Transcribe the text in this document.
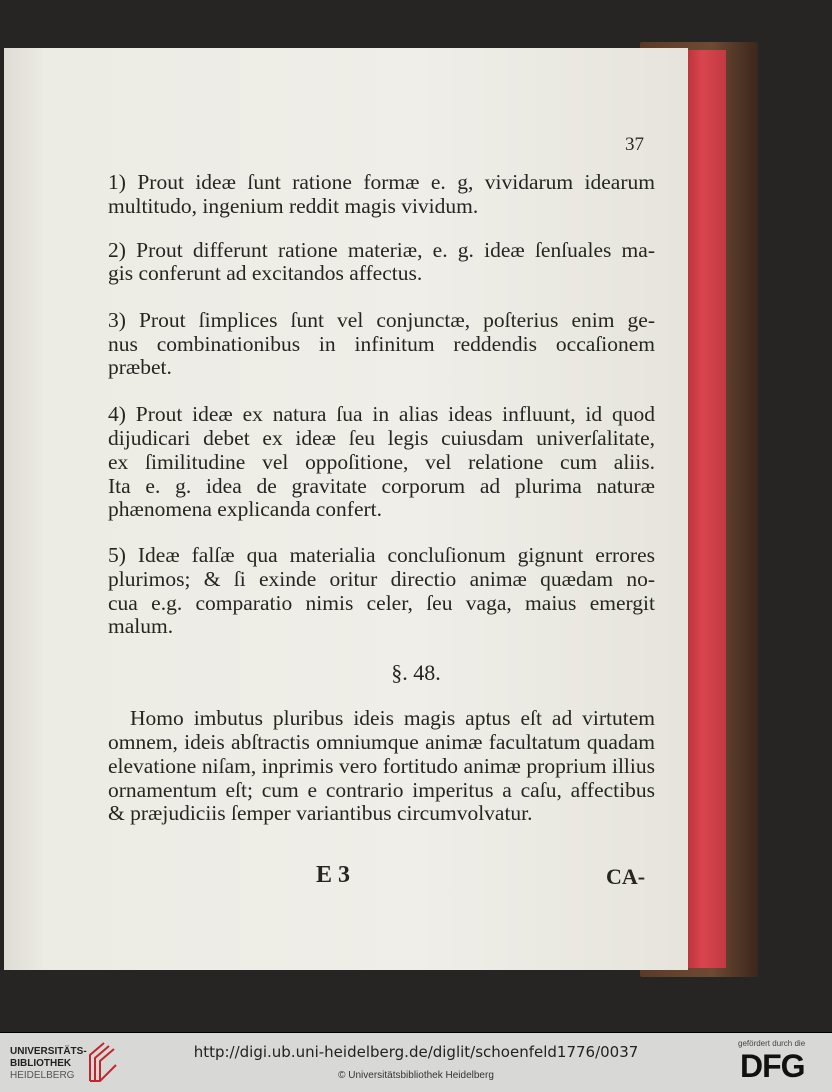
37
1) Prout ideæ ſunt ratione formæ e. g, vividarum idearum
multitudo, ingenium reddit magis vividum.
2) Prout differunt ratione materiæ, e. g. ideæ ſenſuales ma-
gis conferunt ad excitandos affectus.
3) Prout ſimplices ſunt vel conjunctæ, poſterius enim ge-
nus combinationibus in infinitum reddendis occaſionem
præbet.
4) Prout ideæ ex natura ſua in alias ideas influunt, id quod
dijudicari debet ex ideæ ſeu legis cuiusdam univerſalitate,
ex ſimilitudine vel oppoſitione, vel relatione cum aliis.
Ita e. g. idea de gravitate corporum ad plurima naturæ
phænomena explicanda confert.
5) Ideæ falſæ qua materialia concluſionum gignunt errores
plurimos; & ſi exinde oritur directio animæ quædam no-
cua e.g. comparatio nimis celer, ſeu vaga, maius emergit
malum.
§. 48.
Homo imbutus pluribus ideis magis aptus eſt ad virtutem
omnem, ideis abſtractis omniumque animæ facultatum quadam
elevatione niſam, inprimis vero fortitudo animæ proprium illius
ornamentum eſt; cum e contrario imperitus a caſu, affectibus
& præjudiciis ſemper variantibus circumvolvatur.
E 3	CA-
UNIVERSITÄTS-
BIBLIOTHEK
HEIDELBERG
http://digi.ub.uni-heidelberg.de/diglit/schoenfeld1776/0037
© Universitätsbibliothek Heidelberg
gefördert durch die
DFG
